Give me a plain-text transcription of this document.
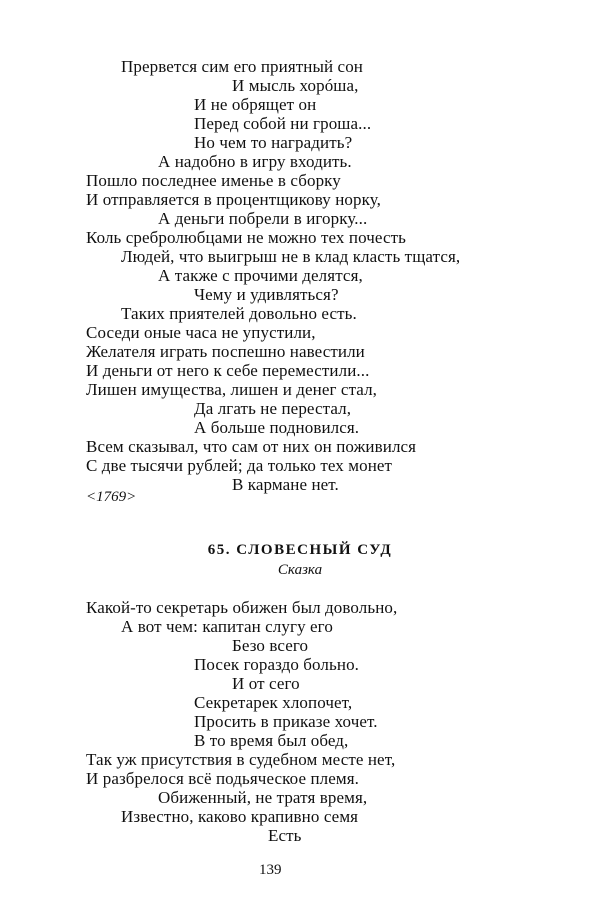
Прервется сим его приятный сон
И мысль хорóша,
И не обрящет он
Перед собой ни гроша...
Но чем то наградить?
А надобно в игру входить.
Пошло последнее именье в сборку
И отправляется в процентщикову норку,
А деньги побрели в игорку...
Коль сребролюбцами не можно тех почесть
Людей, что выигрыш не в клад класть тщатся,
А также с прочими делятся,
Чему и удивляться?
Таких приятелей довольно есть.
Соседи оные часа не упустили,
Желателя играть поспешно навестили
И деньги от него к себе переместили...
Лишен имущества, лишен и денег стал,
Да лгать не перестал,
А больше подновился.
Всем сказывал, что сам от них он поживился
С две тысячи рублей; да только тех монет
В кармане нет.
<1769>
65. СЛОВЕСНЫЙ СУД
Сказка
Какой-то секретарь обижен был довольно,
А вот чем: капитан слугу его
Безо всего
Посек гораздо больно.
И от сего
Секретарек хлопочет,
Просить в приказе хочет.
В то время был обед,
Так уж присутствия в судебном месте нет,
И разбрелося всё подьяческое племя.
Обиженный, не тратя время,
Известно, каково крапивно семя
Есть
139
